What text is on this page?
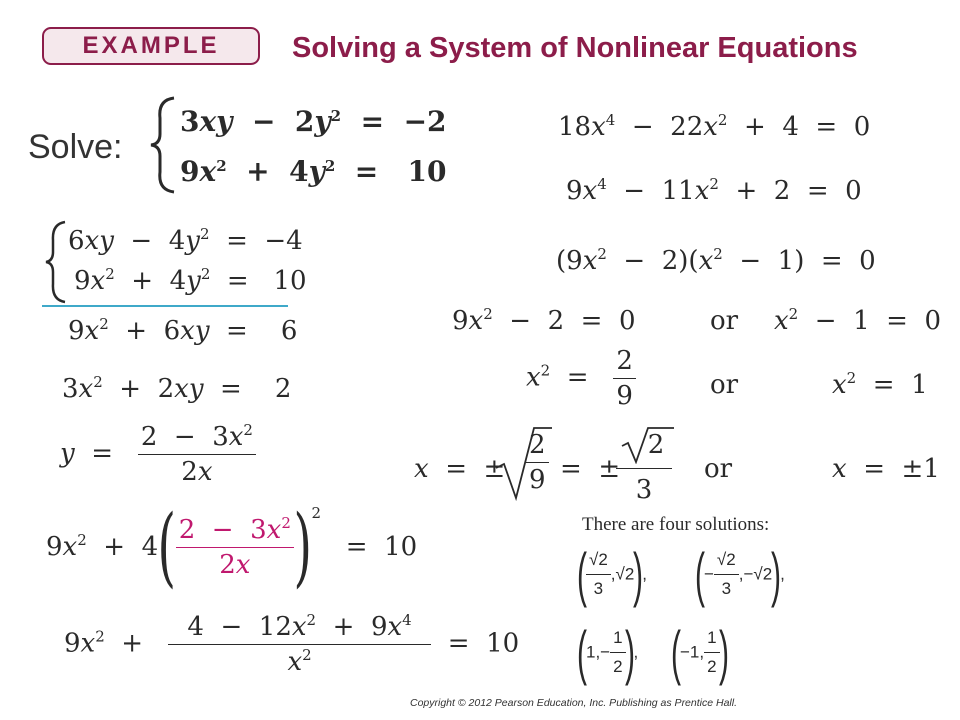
EXAMPLE	Solving a System of Nonlinear Equations
Solve:
$3xy - 2y^2 = -2$
$9x^2 + 4y^2 = 10$
$6xy - 4y^2 = -4$
$9x^2 + 4y^2 = 10$
$9x^2 + 6xy$  =    6
$3x^2 + 2xy$  =    2
$y = \frac{2 - 3x^2}{2x}$
$9x^2 + 4( \frac{2 - 3x^2}{2x} )^2 = 10$
$9x^2 + \frac{4 - 12x^2 + 9x^4}{x^2} = 10$
$18x^4 - 22x^2 + 4 = 0$
$9x^4 - 11x^2 + 2 = 0$
$(9x^2 - 2)(x^2 - 1) = 0$
$9x^2 - 2 = 0$	or $x^2 - 1 = 0$
$x^2 = \frac{2}{9}$	or	$x^2 = 1$
x  =  ± $\frac{2}{9}$ =  ±
2
3
or	x  =  ±1
There are four solutions:
(
$\frac{√2}{3} ,√2$), (− $\frac{√2}{3} ,-√2$),
($1,- \frac{1}{2}$
), (−1, $\frac{1}{2}$
)
Copyright © 2012 Pearson Education, Inc. Publishing as Prentice Hall.
